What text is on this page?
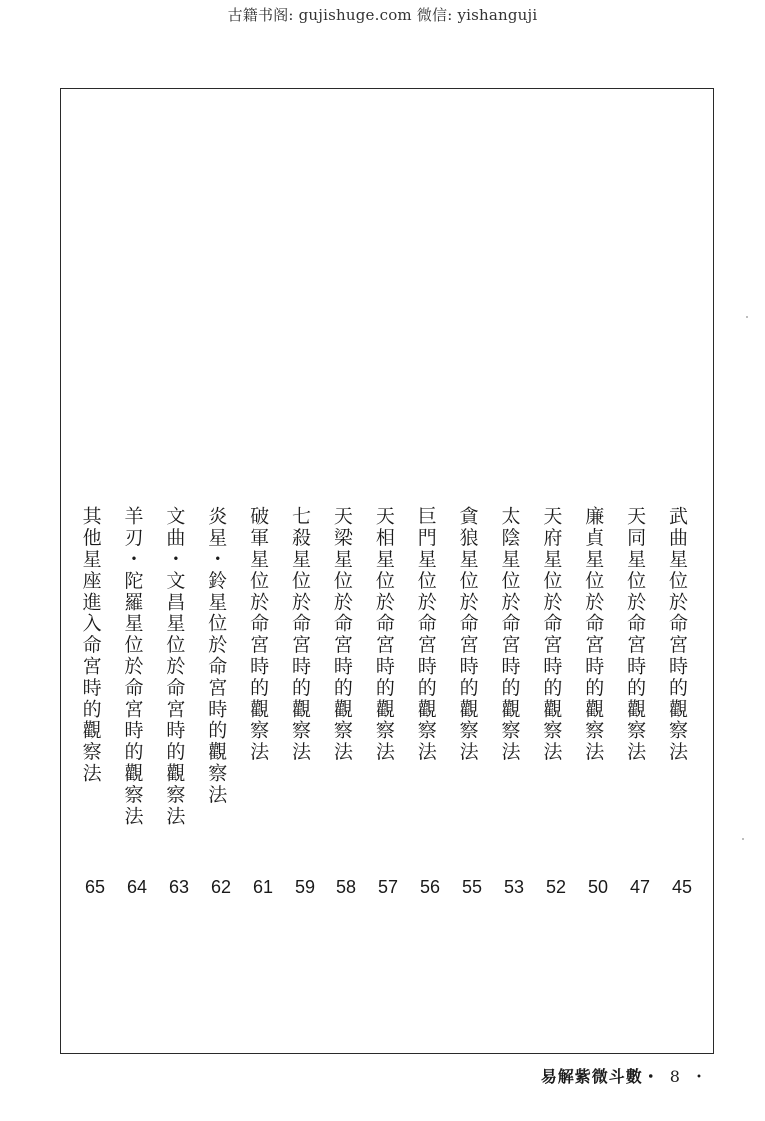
古籍书阁: gujishuge.com 微信: yishanguji
武曲星位於命宮時的觀察法
天同星位於命宮時的觀察法
廉貞星位於命宮時的觀察法
天府星位於命宮時的觀察法
太陰星位於命宮時的觀察法
貪狼星位於命宮時的觀察法
巨門星位於命宮時的觀察法
天相星位於命宮時的觀察法
天梁星位於命宮時的觀察法
七殺星位於命宮時的觀察法
破軍星位於命宮時的觀察法
炎星・鈴星位於命宮時的觀察法
文曲・文昌星位於命宮時的觀察法
羊刃・陀羅星位於命宮時的觀察法
其他星座進入命宮時的觀察法
45
47
50
52
53
55
56
57
58
59
61
62
63
64
65
易解紫微斗數・ 8 ・
